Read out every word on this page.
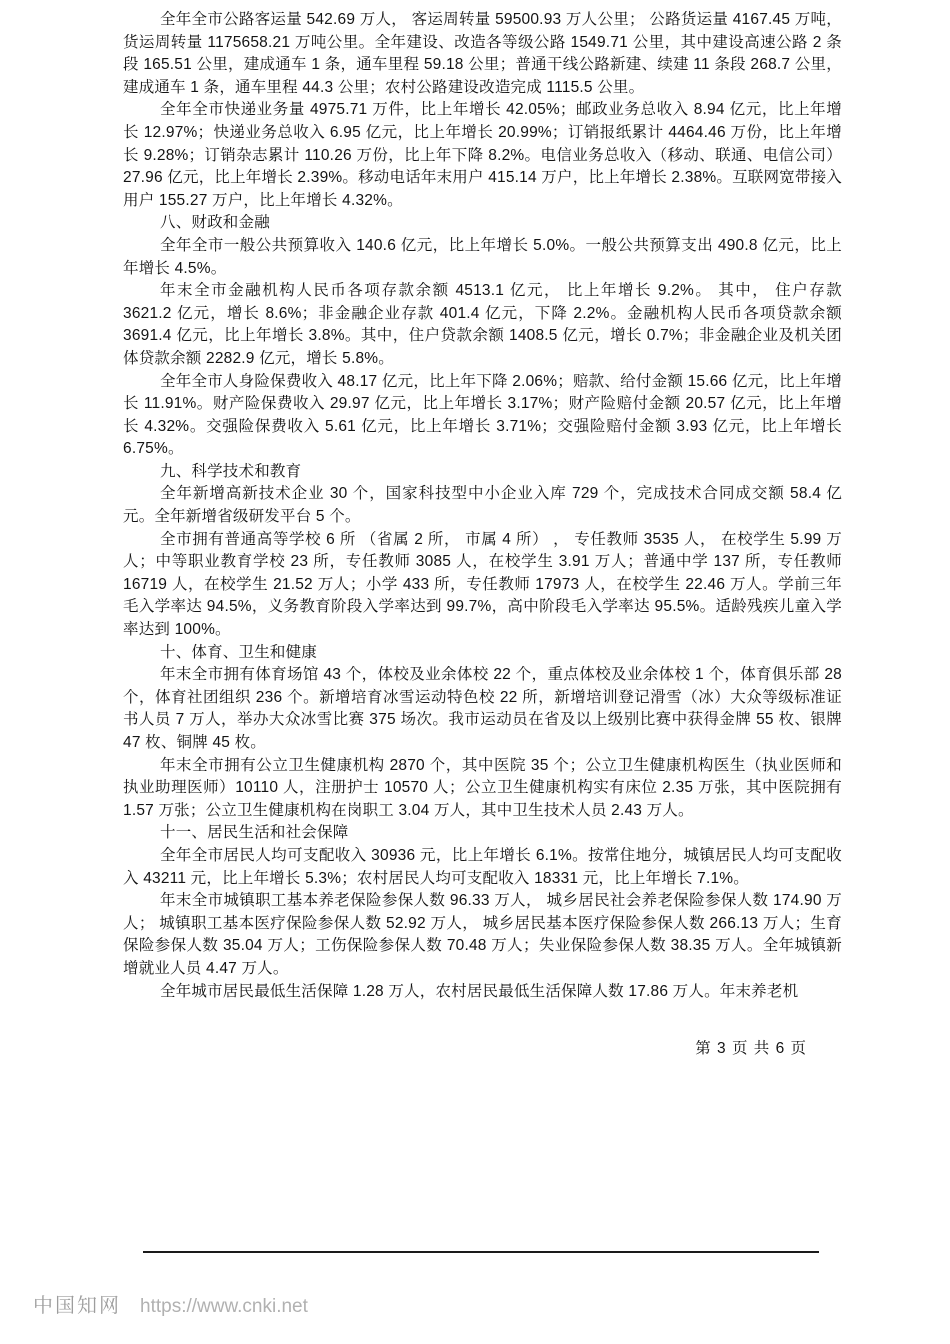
全年全市公路客运量 542.69 万人， 客运周转量 59500.93 万人公里； 公路货运量 4167.45 万吨，货运周转量 1175658.21 万吨公里。全年建设、改造各等级公路 1549.71 公里，其中建设高速公路 2 条段 165.51 公里，建成通车 1 条，通车里程 59.18 公里；普通干线公路新建、续建 11 条段 268.7 公里，建成通车 1 条，通车里程 44.3 公里；农村公路建设改造完成 1115.5 公里。

全年全市快递业务量 4975.71 万件，比上年增长 42.05%；邮政业务总收入 8.94 亿元，比上年增长 12.97%；快递业务总收入 6.95 亿元，比上年增长 20.99%；订销报纸累计 4464.46 万份，比上年增长 9.28%；订销杂志累计 110.26 万份，比上年下降 8.2%。电信业务总收入（移动、联通、电信公司）27.96 亿元，比上年增长 2.39%。移动电话年末用户 415.14 万户，比上年增长 2.38%。互联网宽带接入用户 155.27 万户，比上年增长 4.32%。

八、财政和金融

全年全市一般公共预算收入 140.6 亿元，比上年增长 5.0%。一般公共预算支出 490.8 亿元，比上年增长 4.5%。

年末全市金融机构人民币各项存款余额 4513.1 亿元， 比上年增长 9.2%。 其中， 住户存款 3621.2 亿元，增长 8.6%；非金融企业存款 401.4 亿元，下降 2.2%。金融机构人民币各项贷款余额 3691.4 亿元，比上年增长 3.8%。其中，住户贷款余额 1408.5 亿元，增长 0.7%；非金融企业及机关团体贷款余额 2282.9 亿元，增长 5.8%。

全年全市人身险保费收入 48.17 亿元，比上年下降 2.06%；赔款、给付金额 15.66 亿元，比上年增长 11.91%。财产险保费收入 29.97 亿元，比上年增长 3.17%；财产险赔付金额 20.57 亿元，比上年增长 4.32%。交强险保费收入 5.61 亿元，比上年增长 3.71%；交强险赔付金额 3.93 亿元，比上年增长 6.75%。

九、科学技术和教育

全年新增高新技术企业 30 个，国家科技型中小企业入库 729 个，完成技术合同成交额 58.4 亿元。全年新增省级研发平台 5 个。

全市拥有普通高等学校 6 所 （省属 2 所， 市属 4 所） ， 专任教师 3535 人， 在校学生 5.99 万人；中等职业教育学校 23 所，专任教师 3085 人，在校学生 3.91 万人；普通中学 137 所，专任教师 16719 人，在校学生 21.52 万人；小学 433 所，专任教师 17973 人，在校学生 22.46 万人。学前三年毛入学率达 94.5%，义务教育阶段入学率达到 99.7%，高中阶段毛入学率达 95.5%。适龄残疾儿童入学率达到 100%。

十、体育、卫生和健康

年末全市拥有体育场馆 43 个，体校及业余体校 22 个，重点体校及业余体校 1 个，体育俱乐部 28 个，体育社团组织 236 个。新增培育冰雪运动特色校 22 所，新增培训登记滑雪（冰）大众等级标准证书人员 7 万人，举办大众冰雪比赛 375 场次。我市运动员在省及以上级别比赛中获得金牌 55 枚、银牌 47 枚、铜牌 45 枚。

年末全市拥有公立卫生健康机构 2870 个，其中医院 35 个；公立卫生健康机构医生（执业医师和执业助理医师）10110 人，注册护士 10570 人；公立卫生健康机构实有床位 2.35 万张，其中医院拥有 1.57 万张；公立卫生健康机构在岗职工 3.04 万人，其中卫生技术人员 2.43 万人。

十一、居民生活和社会保障

全年全市居民人均可支配收入 30936 元，比上年增长 6.1%。按常住地分，城镇居民人均可支配收入 43211 元，比上年增长 5.3%；农村居民人均可支配收入 18331 元，比上年增长 7.1%。

年末全市城镇职工基本养老保险参保人数 96.33 万人， 城乡居民社会养老保险参保人数 174.90 万人； 城镇职工基本医疗保险参保人数 52.92 万人， 城乡居民基本医疗保险参保人数 266.13 万人；生育保险参保人数 35.04 万人；工伤保险参保人数 70.48 万人；失业保险参保人数 38.35 万人。全年城镇新增就业人员 4.47 万人。

全年城市居民最低生活保障 1.28 万人，农村居民最低生活保障人数 17.86 万人。年末养老机

第 3 页 共 6 页
中国知网 https://www.cnki.net
